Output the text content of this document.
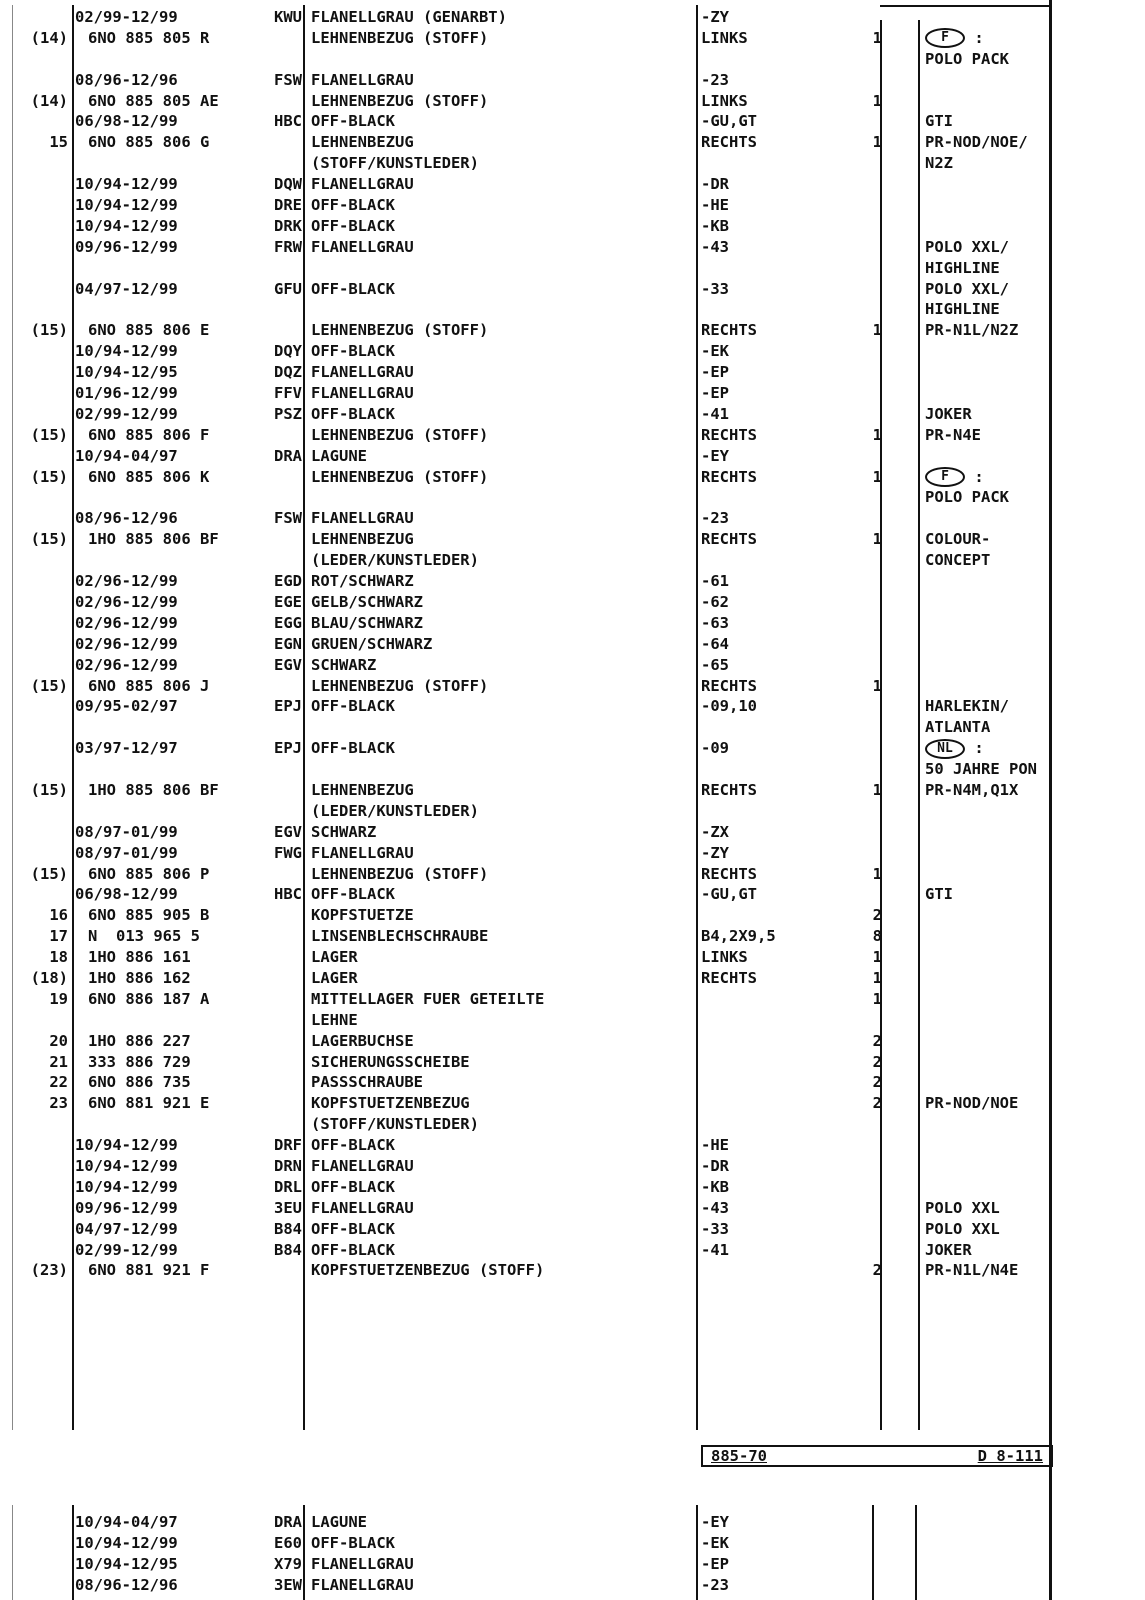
02/99-12/99	KWU FLANELLGRAU (GENARBT)	-ZY
(14) 6NO 885 805 R	LEHNENBEZUG (STOFF)	LINKS	1	F :
POLO PACK
08/96-12/96	FSW FLANELLGRAU	-23
(14) 6NO 885 805 AE	LEHNENBEZUG (STOFF)	LINKS	1
06/98-12/99	HBC OFF-BLACK	-GU,GT	GTI
15 6NO 885 806 G	LEHNENBEZUG	RECHTS	1	PR-NOD/NOE/
(STOFF/KUNSTLEDER)	N2Z
10/94-12/99	DQW FLANELLGRAU	-DR
10/94-12/99	DRE OFF-BLACK	-HE
10/94-12/99	DRK OFF-BLACK	-KB
09/96-12/99	FRW FLANELLGRAU	-43	POLO XXL/
HIGHLINE
04/97-12/99	GFU OFF-BLACK	-33	POLO XXL/
HIGHLINE
(15) 6NO 885 806 E	LEHNENBEZUG (STOFF)	RECHTS	1	PR-N1L/N2Z
10/94-12/99	DQY OFF-BLACK	-EK
10/94-12/95	DQZ FLANELLGRAU	-EP
01/96-12/99	FFV FLANELLGRAU	-EP
02/99-12/99	PSZ OFF-BLACK	-41	JOKER
(15) 6NO 885 806 F	LEHNENBEZUG (STOFF)	RECHTS	1	PR-N4E
10/94-04/97	DRA LAGUNE	-EY
(15) 6NO 885 806 K	LEHNENBEZUG (STOFF)	RECHTS	1	F :
POLO PACK
08/96-12/96	FSW FLANELLGRAU	-23
(15) 1HO 885 806 BF	LEHNENBEZUG	RECHTS	1	COLOUR-
(LEDER/KUNSTLEDER)	CONCEPT
02/96-12/99	EGD ROT/SCHWARZ	-61
02/96-12/99	EGE GELB/SCHWARZ	-62
02/96-12/99	EGG BLAU/SCHWARZ	-63
02/96-12/99	EGN GRUEN/SCHWARZ	-64
02/96-12/99	EGV SCHWARZ	-65
(15) 6NO 885 806 J	LEHNENBEZUG (STOFF)	RECHTS	1
09/95-02/97	EPJ OFF-BLACK	-09,10	HARLEKIN/
ATLANTA
03/97-12/97	EPJ OFF-BLACK	-09	NL :
50 JAHRE PON
(15) 1HO 885 806 BF	LEHNENBEZUG	RECHTS	1	PR-N4M,Q1X
(LEDER/KUNSTLEDER)
08/97-01/99	EGV SCHWARZ	-ZX
08/97-01/99	FWG FLANELLGRAU	-ZY
(15) 6NO 885 806 P	LEHNENBEZUG (STOFF)	RECHTS	1
06/98-12/99	HBC OFF-BLACK	-GU,GT	GTI
16 6NO 885 905 B	KOPFSTUETZE	2
17 N  013 965 5	LINSENBLECHSCHRAUBE	B4,2X9,5	8
18 1HO 886 161	LAGER	LINKS	1
(18) 1HO 886 162	LAGER	RECHTS	1
19 6NO 886 187 A	MITTELLAGER FUER GETEILTE	1
LEHNE
20 1HO 886 227	LAGERBUCHSE	2
21 333 886 729	SICHERUNGSSCHEIBE	2
22 6NO 886 735	PASSSCHRAUBE	2
23 6NO 881 921 E	KOPFSTUETZENBEZUG	2	PR-NOD/NOE
(STOFF/KUNSTLEDER)
10/94-12/99	DRF OFF-BLACK	-HE
10/94-12/99	DRN FLANELLGRAU	-DR
10/94-12/99	DRL OFF-BLACK	-KB
09/96-12/99	3EU FLANELLGRAU	-43	POLO XXL
04/97-12/99	B84 OFF-BLACK	-33	POLO XXL
02/99-12/99	B84 OFF-BLACK	-41	JOKER
(23) 6NO 881 921 F	KOPFSTUETZENBEZUG (STOFF)	2	PR-N1L/N4E
885-70	D 8-111
10/94-04/97	DRA LAGUNE	-EY
10/94-12/99	E60 OFF-BLACK	-EK
10/94-12/95	X79 FLANELLGRAU	-EP
08/96-12/96	3EW FLANELLGRAU	-23
